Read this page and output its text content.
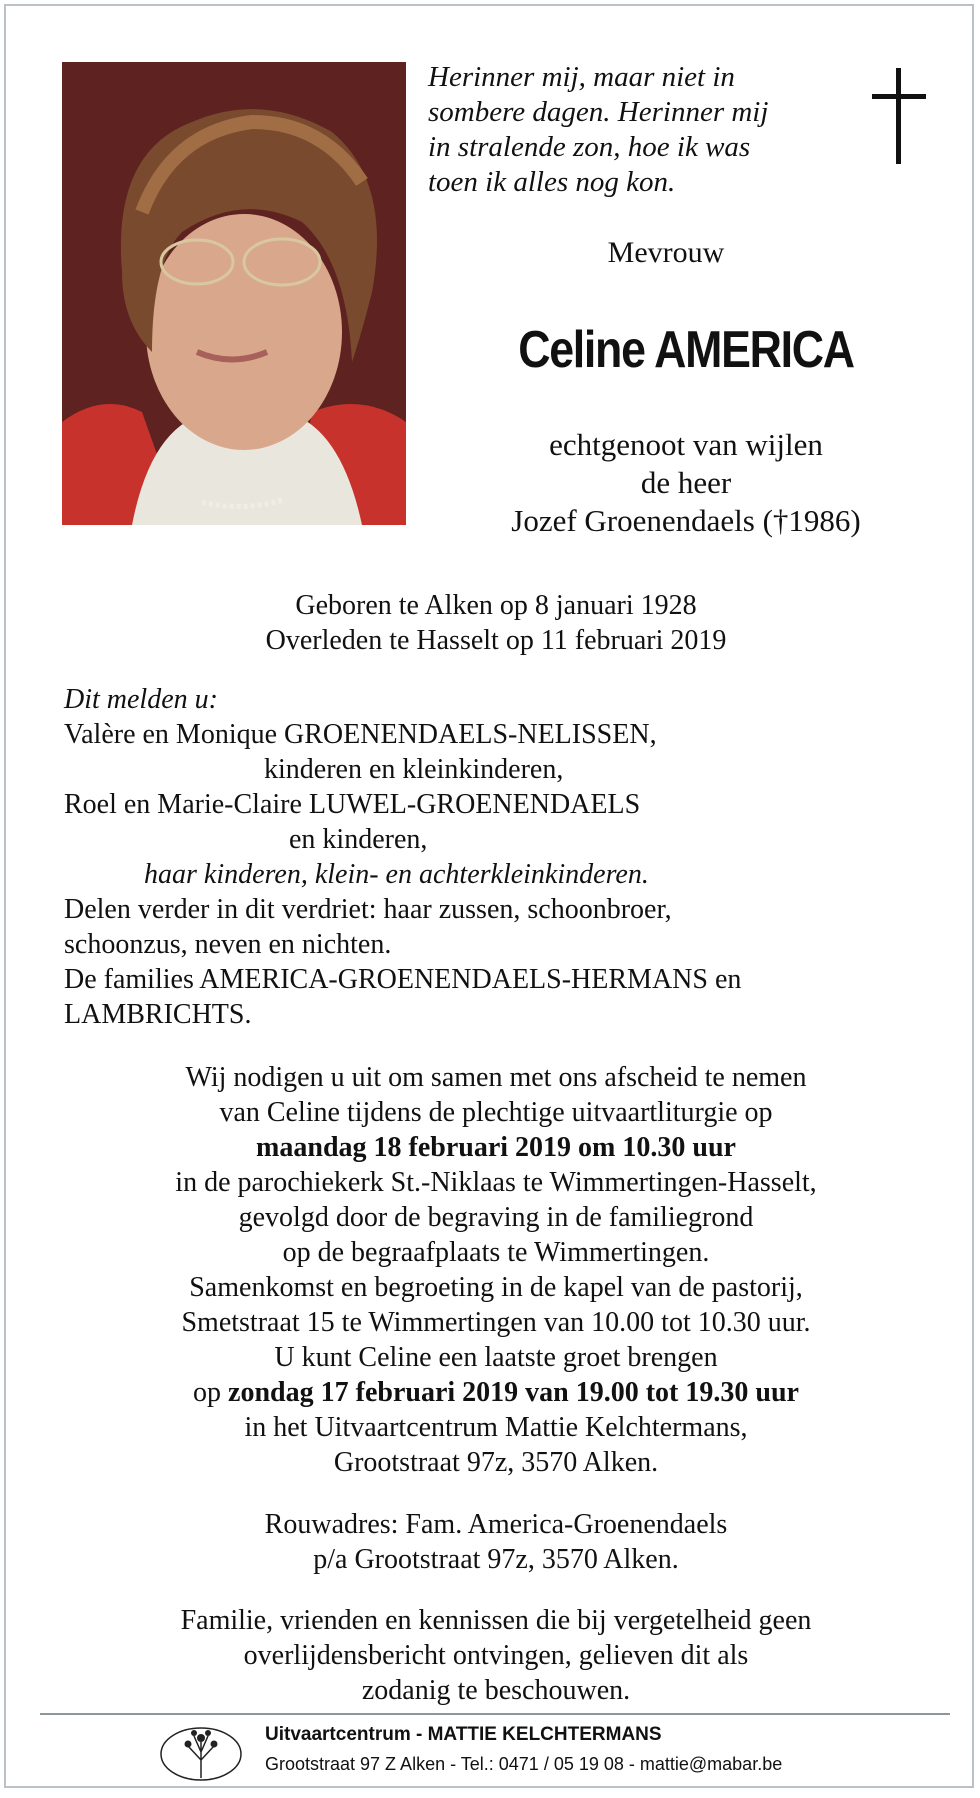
Herinner mij, maar niet in
sombere dagen. Herinner mij
in stralende zon, hoe ik was
toen ik alles nog kon.
Mevrouw
Celine AMERICA
echtgenoot van wijlen
de heer
Jozef Groenendaels (†1986)
Geboren te Alken op 8 januari 1928
Overleden te Hasselt op 11 februari 2019
Dit melden u:
Valère en Monique GROENENDAELS-NELISSEN,
kinderen en kleinkinderen,
Roel en Marie-Claire LUWEL-GROENENDAELS
en kinderen,
haar kinderen, klein- en achterkleinkinderen.
Delen verder in dit verdriet: haar zussen, schoonbroer,
schoonzus, neven en nichten.
De families AMERICA-GROENENDAELS-HERMANS en
LAMBRICHTS.
Wij nodigen u uit om samen met ons afscheid te nemen
van Celine tijdens de plechtige uitvaartliturgie op
maandag 18 februari 2019 om 10.30 uur
in de parochiekerk St.-Niklaas te Wimmertingen-Hasselt,
gevolgd door de begraving in de familiegrond
op de begraafplaats te Wimmertingen.
Samenkomst en begroeting in de kapel van de pastorij,
Smetstraat 15 te Wimmertingen van 10.00 tot 10.30 uur.
U kunt Celine een laatste groet brengen
op zondag 17 februari 2019 van 19.00 tot 19.30 uur
in het Uitvaartcentrum Mattie Kelchtermans,
Grootstraat 97z, 3570 Alken.
Rouwadres: Fam. America-Groenendaels
p/a Grootstraat 97z, 3570 Alken.
Familie, vrienden en kennissen die bij vergetelheid geen
overlijdensbericht ontvingen, gelieven dit als
zodanig te beschouwen.
Uitvaartcentrum - MATTIE KELCHTERMANS
Grootstraat 97 Z Alken - Tel.: 0471 / 05 19 08 - mattie@mabar.be
